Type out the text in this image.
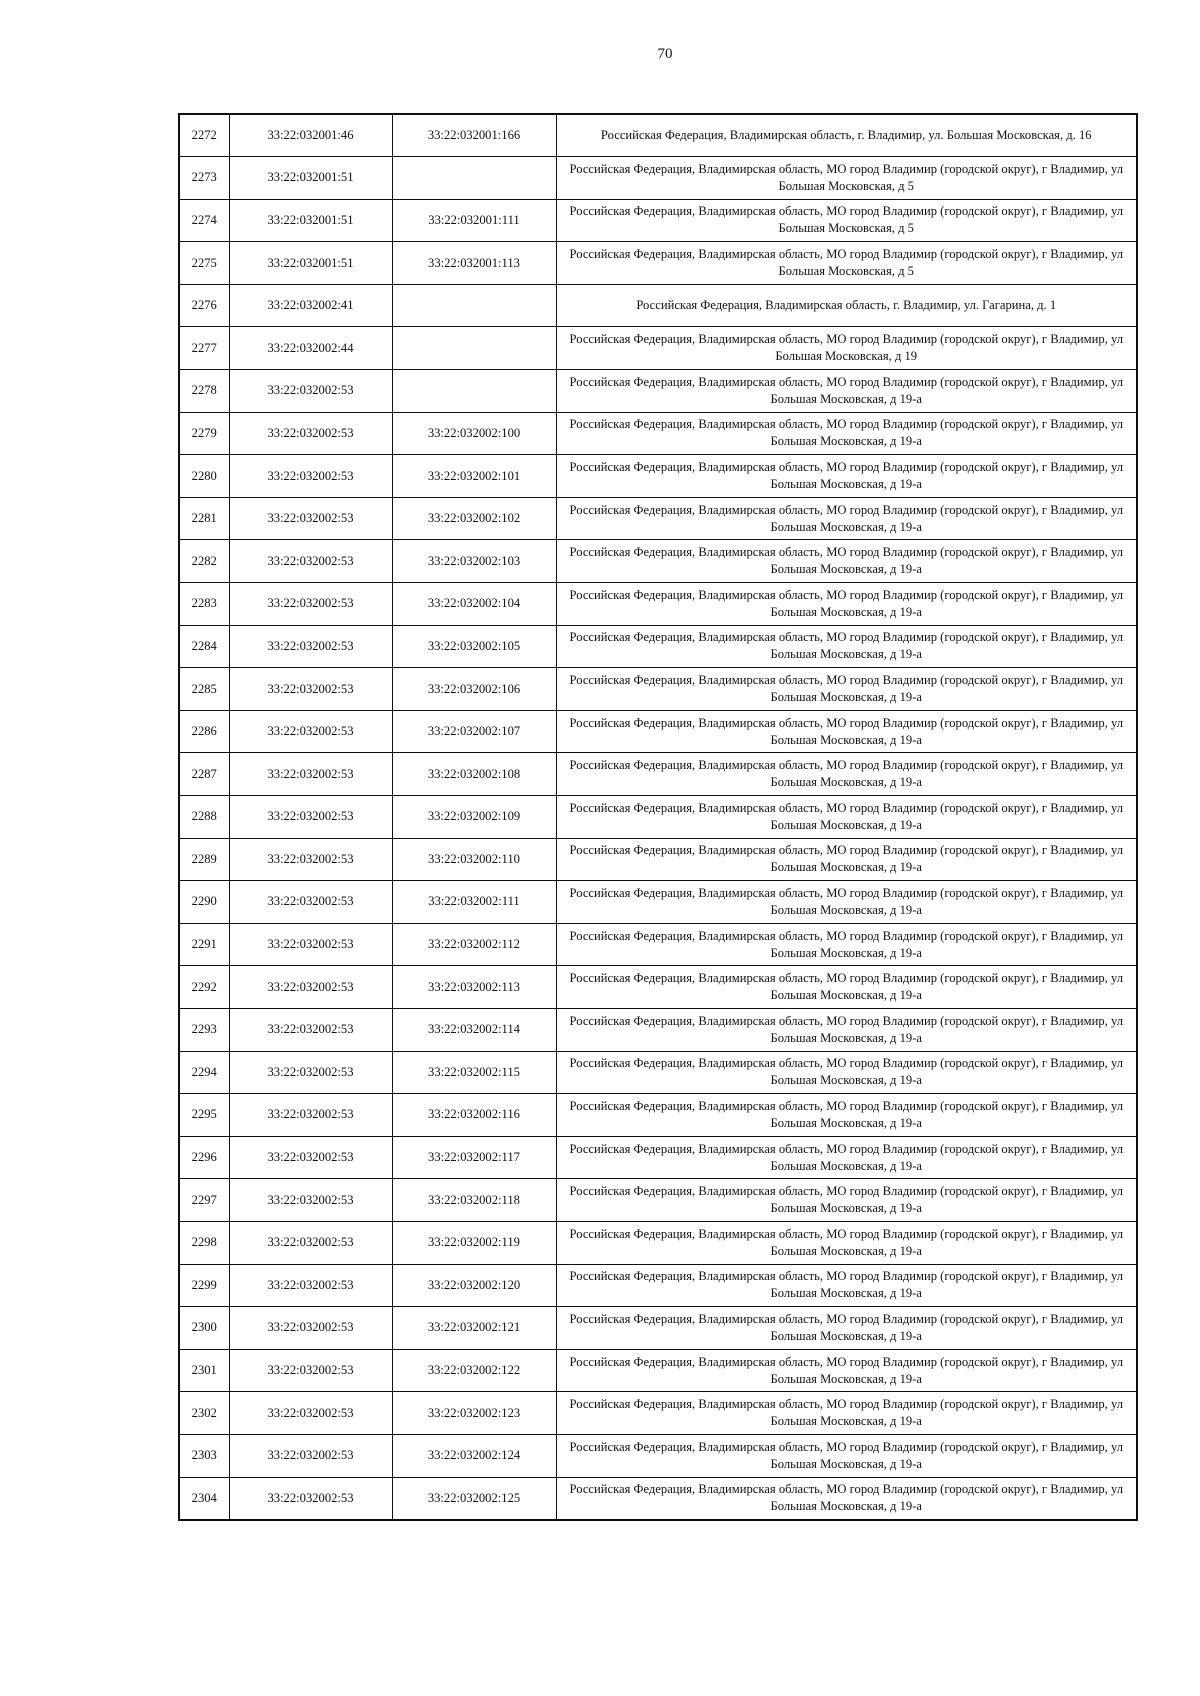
70
2272	33:22:032001:46	33:22:032001:166	Российская Федерация, Владимирская область, г. Владимир, ул. Большая Московская, д. 16
2273	33:22:032001:51		Российская Федерация, Владимирская область, МО город Владимир (городской округ), г Владимир, ул Большая Московская, д 5
2274	33:22:032001:51	33:22:032001:111	Российская Федерация, Владимирская область, МО город Владимир (городской округ), г Владимир, ул Большая Московская, д 5
2275	33:22:032001:51	33:22:032001:113	Российская Федерация, Владимирская область, МО город Владимир (городской округ), г Владимир, ул Большая Московская, д 5
2276	33:22:032002:41		Российская Федерация, Владимирская область, г. Владимир, ул. Гагарина, д. 1
2277	33:22:032002:44		Российская Федерация, Владимирская область, МО город Владимир (городской округ), г Владимир, ул Большая Московская, д 19
2278	33:22:032002:53		Российская Федерация, Владимирская область, МО город Владимир (городской округ), г Владимир, ул Большая Московская, д 19-а
2279	33:22:032002:53	33:22:032002:100	Российская Федерация, Владимирская область, МО город Владимир (городской округ), г Владимир, ул Большая Московская, д 19-а
2280	33:22:032002:53	33:22:032002:101	Российская Федерация, Владимирская область, МО город Владимир (городской округ), г Владимир, ул Большая Московская, д 19-а
2281	33:22:032002:53	33:22:032002:102	Российская Федерация, Владимирская область, МО город Владимир (городской округ), г Владимир, ул Большая Московская, д 19-а
2282	33:22:032002:53	33:22:032002:103	Российская Федерация, Владимирская область, МО город Владимир (городской округ), г Владимир, ул Большая Московская, д 19-а
2283	33:22:032002:53	33:22:032002:104	Российская Федерация, Владимирская область, МО город Владимир (городской округ), г Владимир, ул Большая Московская, д 19-а
2284	33:22:032002:53	33:22:032002:105	Российская Федерация, Владимирская область, МО город Владимир (городской округ), г Владимир, ул Большая Московская, д 19-а
2285	33:22:032002:53	33:22:032002:106	Российская Федерация, Владимирская область, МО город Владимир (городской округ), г Владимир, ул Большая Московская, д 19-а
2286	33:22:032002:53	33:22:032002:107	Российская Федерация, Владимирская область, МО город Владимир (городской округ), г Владимир, ул Большая Московская, д 19-а
2287	33:22:032002:53	33:22:032002:108	Российская Федерация, Владимирская область, МО город Владимир (городской округ), г Владимир, ул Большая Московская, д 19-а
2288	33:22:032002:53	33:22:032002:109	Российская Федерация, Владимирская область, МО город Владимир (городской округ), г Владимир, ул Большая Московская, д 19-а
2289	33:22:032002:53	33:22:032002:110	Российская Федерация, Владимирская область, МО город Владимир (городской округ), г Владимир, ул Большая Московская, д 19-а
2290	33:22:032002:53	33:22:032002:111	Российская Федерация, Владимирская область, МО город Владимир (городской округ), г Владимир, ул Большая Московская, д 19-а
2291	33:22:032002:53	33:22:032002:112	Российская Федерация, Владимирская область, МО город Владимир (городской округ), г Владимир, ул Большая Московская, д 19-а
2292	33:22:032002:53	33:22:032002:113	Российская Федерация, Владимирская область, МО город Владимир (городской округ), г Владимир, ул Большая Московская, д 19-а
2293	33:22:032002:53	33:22:032002:114	Российская Федерация, Владимирская область, МО город Владимир (городской округ), г Владимир, ул Большая Московская, д 19-а
2294	33:22:032002:53	33:22:032002:115	Российская Федерация, Владимирская область, МО город Владимир (городской округ), г Владимир, ул Большая Московская, д 19-а
2295	33:22:032002:53	33:22:032002:116	Российская Федерация, Владимирская область, МО город Владимир (городской округ), г Владимир, ул Большая Московская, д 19-а
2296	33:22:032002:53	33:22:032002:117	Российская Федерация, Владимирская область, МО город Владимир (городской округ), г Владимир, ул Большая Московская, д 19-а
2297	33:22:032002:53	33:22:032002:118	Российская Федерация, Владимирская область, МО город Владимир (городской округ), г Владимир, ул Большая Московская, д 19-а
2298	33:22:032002:53	33:22:032002:119	Российская Федерация, Владимирская область, МО город Владимир (городской округ), г Владимир, ул Большая Московская, д 19-а
2299	33:22:032002:53	33:22:032002:120	Российская Федерация, Владимирская область, МО город Владимир (городской округ), г Владимир, ул Большая Московская, д 19-а
2300	33:22:032002:53	33:22:032002:121	Российская Федерация, Владимирская область, МО город Владимир (городской округ), г Владимир, ул Большая Московская, д 19-а
2301	33:22:032002:53	33:22:032002:122	Российская Федерация, Владимирская область, МО город Владимир (городской округ), г Владимир, ул Большая Московская, д 19-а
2302	33:22:032002:53	33:22:032002:123	Российская Федерация, Владимирская область, МО город Владимир (городской округ), г Владимир, ул Большая Московская, д 19-а
2303	33:22:032002:53	33:22:032002:124	Российская Федерация, Владимирская область, МО город Владимир (городской округ), г Владимир, ул Большая Московская, д 19-а
2304	33:22:032002:53	33:22:032002:125	Российская Федерация, Владимирская область, МО город Владимир (городской округ), г Владимир, ул Большая Московская, д 19-а
